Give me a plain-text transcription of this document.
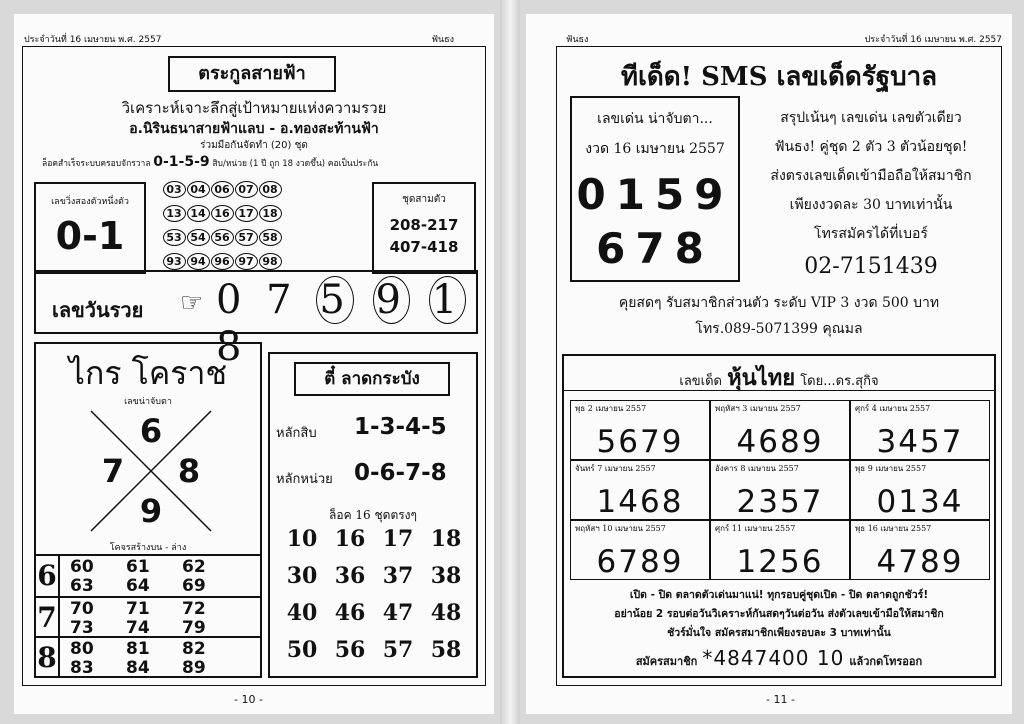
ประจำวันที่ 16 เมษายน พ.ศ. 2557	ฟันธง
ตระกูลสายฟ้า
วิเคราะห์เจาะลึกสู่เป้าหมายแห่งความรวย
อ.นิรินธนาสายฟ้าแลบ - อ.ทองสะท้านฟ้า
ร่วมมือกันจัดทำ (20) ชุด
ล็อคสำเร็จระบบครอบจักรวาล 0-1-5-9 สิบ/หน่วย (1 ปี ถูก 18 งวดขึ้น) คอเป็นประกัน
เลขวิ่งสองตัวหนึ่งตัว
0-1
03 04 06 07 08
13 14 16 17 18
53 54 56 57 58
93 94 96 97 98
ชุดสามตัว
208-217
407-418
เลขวันรวย ☞ 0 7 5 9 1 8
ไกร โคราช
เลขน่าจับตา
6
7 8
9
โคจรสร้างบน - ล่าง
6 60 61 62
63 64 69
7 70 71 72
73 74 79
8 80 81 82
83 84 89
ตี๋ ลาดกระบัง
หลักสิบ 1-3-4-5
หลักหน่วย 0-6-7-8
ล็อค 16 ชุดตรงๆ
10 16 17 18
30 36 37 38
40 46 47 48
50 56 57 58
- 10 -
ฟันธง	ประจำวันที่ 16 เมษายน พ.ศ. 2557
ทีเด็ด! SMS เลขเด็ดรัฐบาล
เลขเด่น น่าจับตา...
งวด 16 เมษายน 2557
0159
678
สรุปเน้นๆ เลขเด่น เลขตัวเดียว
ฟันธง! คู่ชุด 2 ตัว 3 ตัวน้อยชุด!
ส่งตรงเลขเด็ดเข้ามือถือให้สมาชิก
เพียงงวดละ 30 บาทเท่านั้น
โทรสมัครได้ที่เบอร์
02-7151439
คุยสดๆ รับสมาชิกส่วนตัว ระดับ VIP 3 งวด 500 บาท
โทร.089-5071399 คุณมล
เลขเด็ด หุ้นไทย โดย...ดร.สุกิจ
พุธ 2 เมษายน 2557
5679
พฤหัสฯ 3 เมษายน 2557
4689
ศุกร์ 4 เมษายน 2557
3457
จันทร์ 7 เมษายน 2557
1468
อังคาร 8 เมษายน 2557
2357
พุธ 9 เมษายน 2557
0134
พฤหัสฯ 10 เมษายน 2557
6789
ศุกร์ 11 เมษายน 2557
1256
พุธ 16 เมษายน 2557
4789
เปิด - ปิด ตลาดตัวเด่นมาแน่! ทุกรอบคู่ชุดเปิด - ปิด ตลาดถูกชัวร์!
อย่าน้อย 2 รอบต่อวันวิเคราะห์กันสดๆวันต่อวัน ส่งตัวเลขเข้ามือให้สมาชิก
ชัวร์มั่นใจ สมัครสมาชิกเพียงรอบละ 3 บาทเท่านั้น
สมัครสมาชิก *4847400 10 แล้วกดโทรออก
- 11 -
